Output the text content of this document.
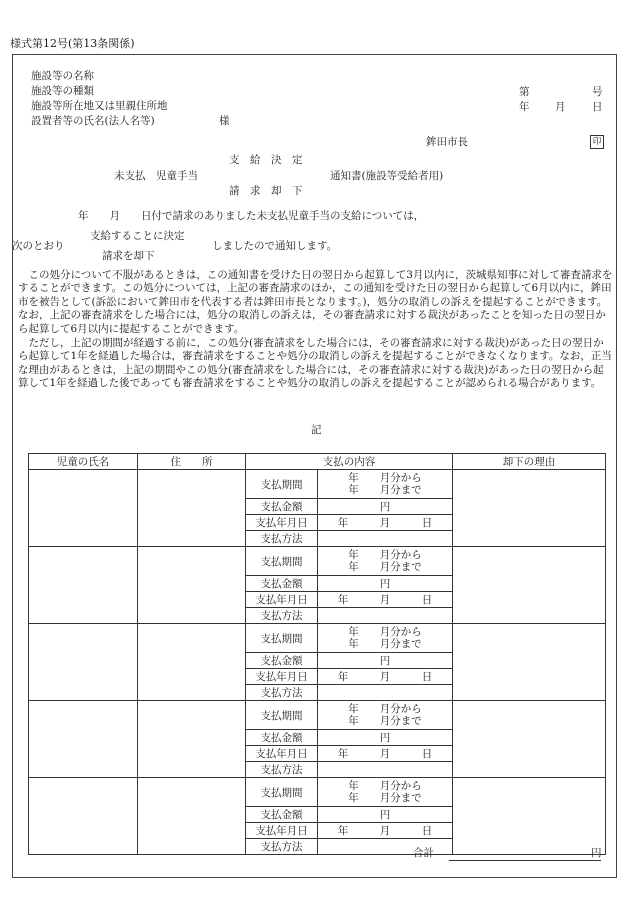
様式第12号(第13条関係)
施設等の名称
施設等の種類
施設等所在地又は里親住所地
設置者等の氏名(法人名等)	様
第	号
年 月	日
鉾田市長	印
支　給　決　定
未支払　児童手当	通知書(施設等受給者用)
請　求　却　下
年　　月　　日付で請求のありました未支払児童手当の支給については，
支給することに決定
次のとおり	しましたので通知します。
請求を却下
この処分について不服があるときは，この通知書を受けた日の翌日から起算して3月以内に，茨城県知事に対して審査請求をすることができます。この処分については，上記の審査請求のほか，この通知を受けた日の翌日から起算して6月以内に，鉾田市を被告として(訴訟において鉾田市を代表する者は鉾田市長となります。)，処分の取消しの訴えを提起することができます。なお，上記の審査請求をした場合には，処分の取消しの訴えは，その審査請求に対する裁決があったことを知った日の翌日から起算して6月以内に提起することができます。
ただし，上記の期間が経過する前に，この処分(審査請求をした場合には，その審査請求に対する裁決)があった日の翌日から起算して1年を経過した場合は，審査請求をすることや処分の取消しの訴えを提起することができなくなります。なお，正当な理由があるときは，上記の期間やこの処分(審査請求をした場合には，その審査請求に対する裁決)があった日の翌日から起算して1年を経過した後であっても審査請求をすることや処分の取消しの訴えを提起することが認められる場合があります。
記
児童の氏名	住　　所	支払の内容		却下の理由
		支払期間	年　　月分から
年　　月分まで	

		支払金額	円	
		支払年月日	年　　　月　　　日	
		支払方法		
		支払期間	年　　月分から
年　　月分まで	

		支払金額	円	
		支払年月日	年　　　月　　　日	
		支払方法		
		支払期間	年　　月分から
年　　月分まで	

		支払金額	円	
		支払年月日	年　　　月　　　日	
		支払方法		
		支払期間	年　　月分から
年　　月分まで	

		支払金額	円	
		支払年月日	年　　　月　　　日	
		支払方法		
		支払期間	年　　月分から
年　　月分まで	

		支払金額	円	
		支払年月日	年　　　月　　　日	
		支払方法			合計	円
